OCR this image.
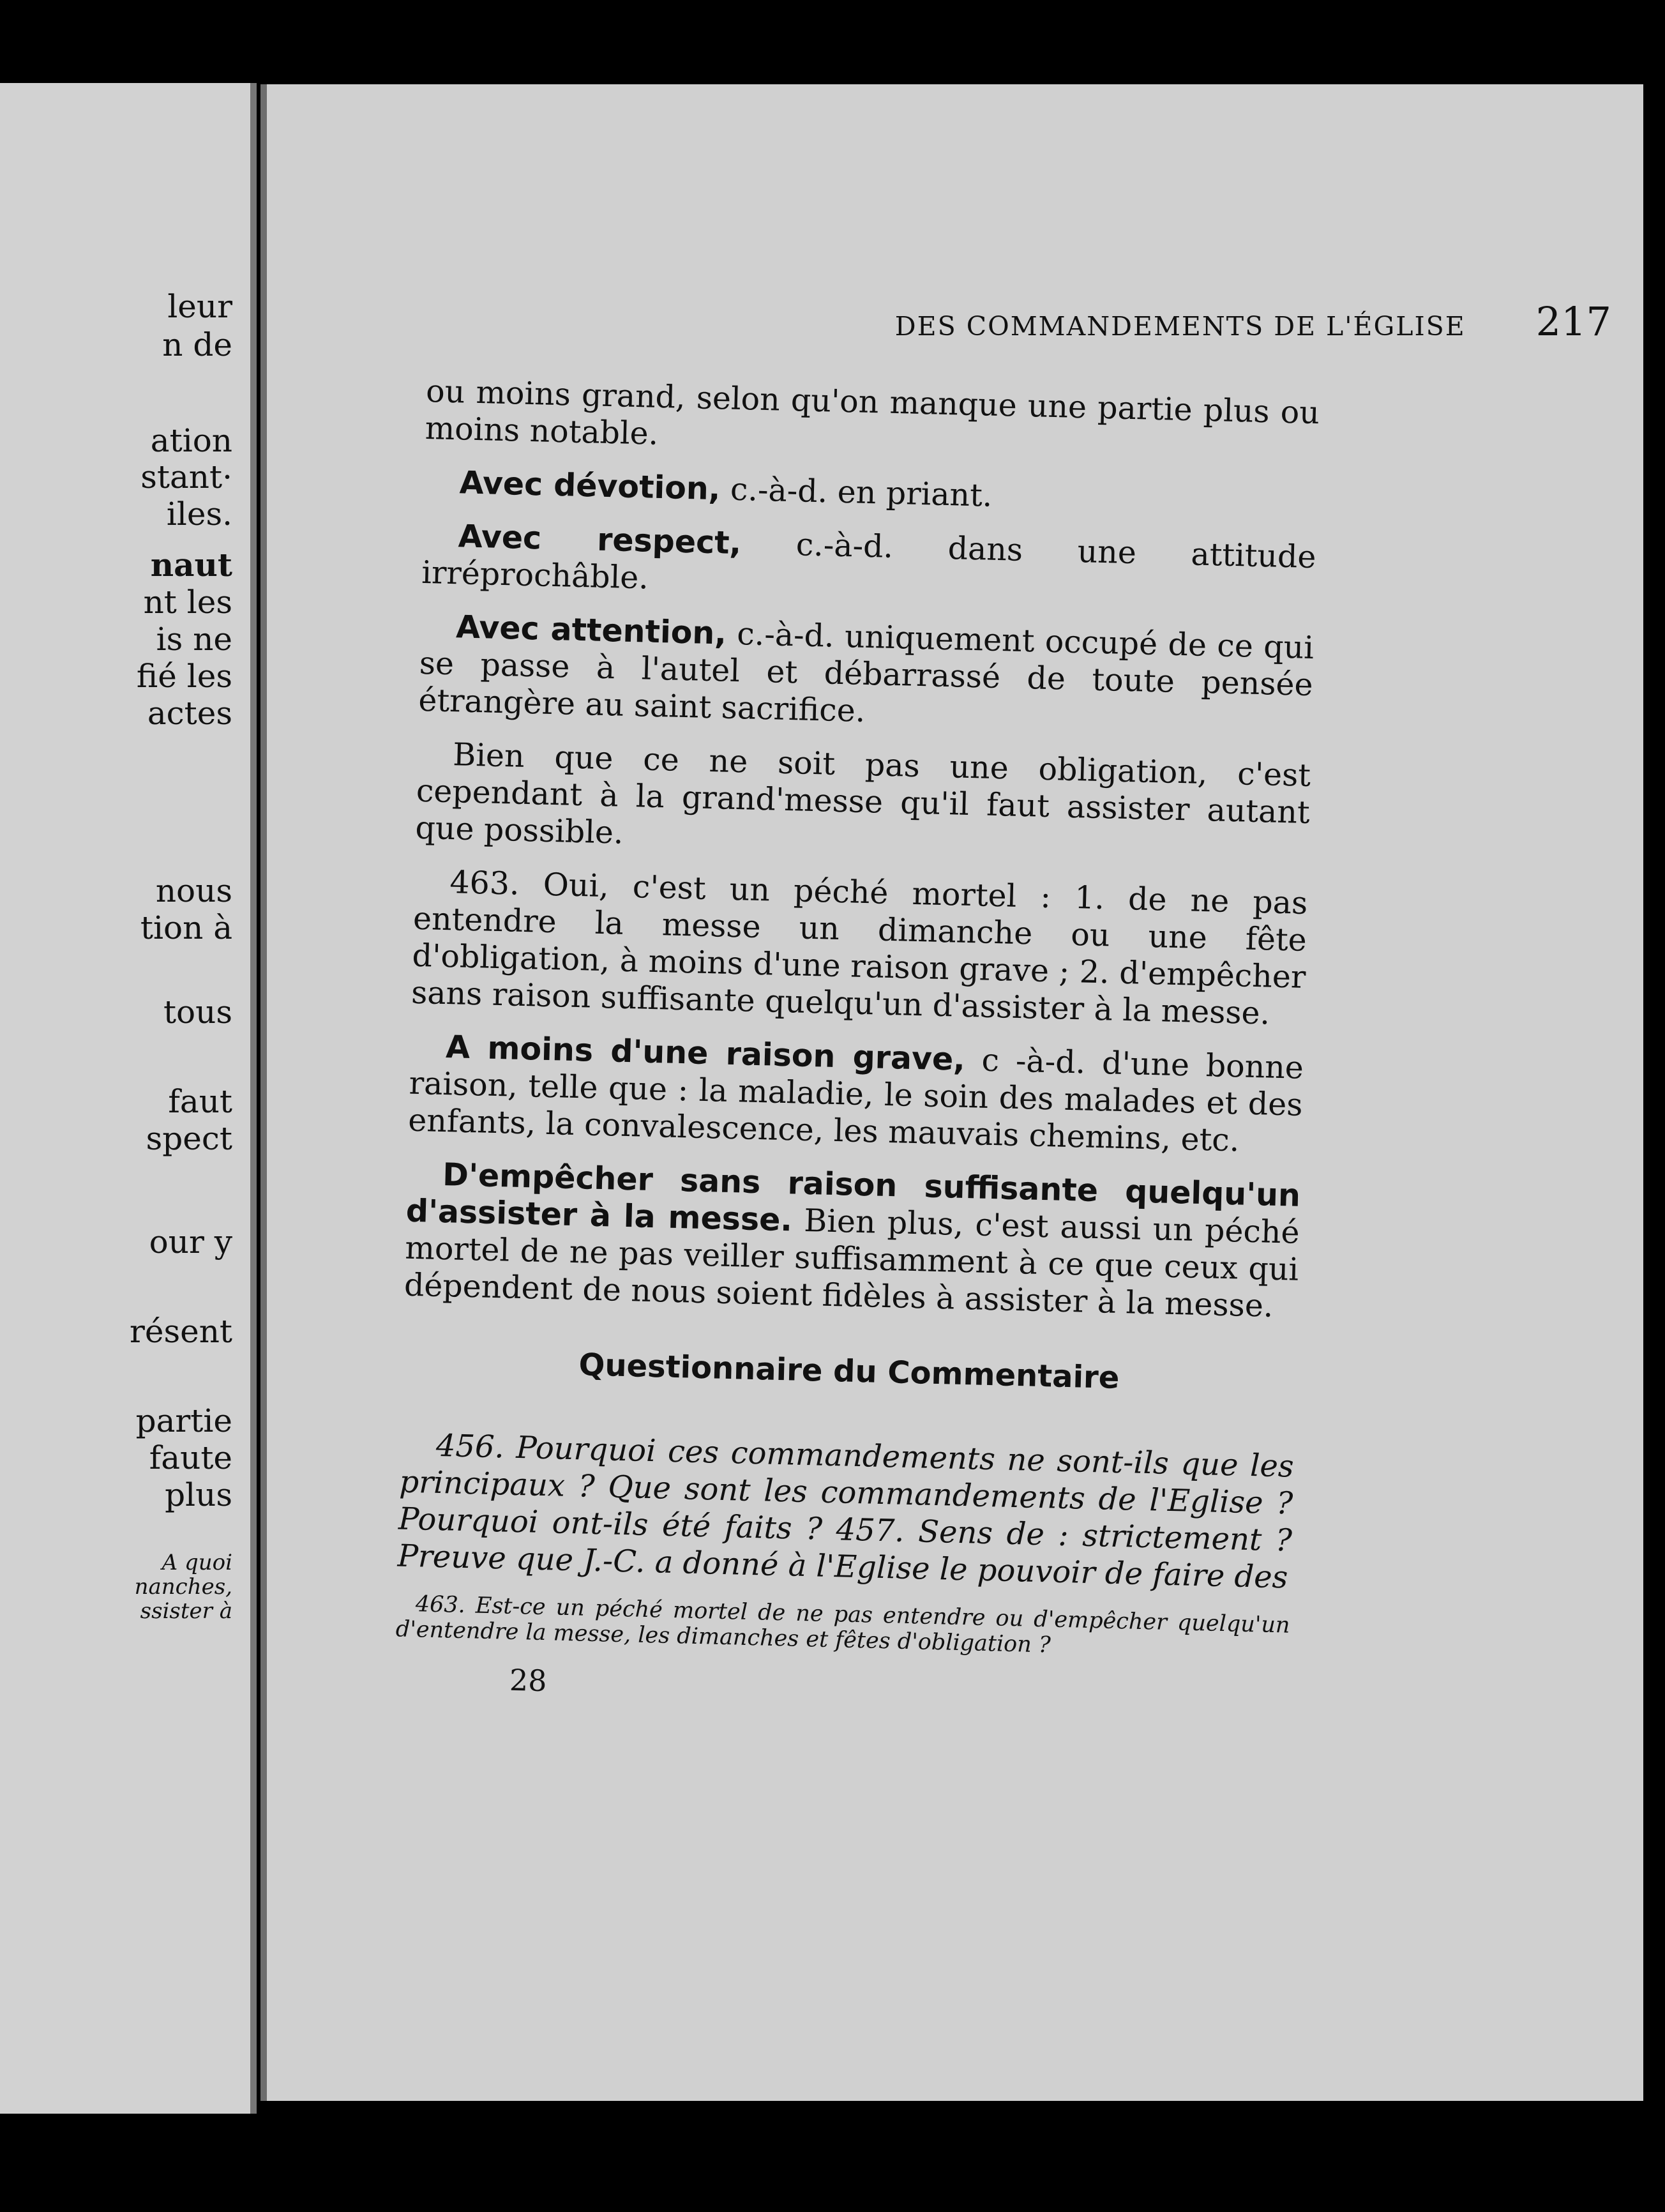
leur
n de
ation
stant·
iles.
naut
nt les
is ne
fié les
actes
nous
tion à
tous
faut
spect
our y
résent
partie
faute
plus
A quoi
nanches,
ssister à
DES COMMANDEMENTS DE L'ÉGLISE 217

ou moins grand, selon qu'on manque une partie plus ou moins notable.

Avec dévotion, c.-à-d. en priant.

Avec respect, c.-à-d. dans une attitude irréprochâble.

Avec attention, c.-à-d. uniquement occupé de ce qui se passe à l'autel et débarrassé de toute pensée étrangère au saint sacrifice.

Bien que ce ne soit pas une obligation, c'est cependant à la grand'messe qu'il faut assister autant que possible.

463. Oui, c'est un péché mortel : 1. de ne pas entendre la messe un dimanche ou une fête d'obligation, à moins d'une raison grave ; 2. d'empêcher sans raison suffisante quelqu'un d'assister à la messe.

A moins d'une raison grave, c -à-d. d'une bonne raison, telle que : la maladie, le soin des malades et des enfants, la convalescence, les mauvais chemins, etc.

D'empêcher sans raison suffisante quelqu'un d'assister à la messe. Bien plus, c'est aussi un péché mortel de ne pas veiller suffisamment à ce que ceux qui dépendent de nous soient fidèles à assister à la messe.

Questionnaire du Commentaire

456. Pourquoi ces commandements ne sont-ils que les principaux ? Que sont les commandements de l'Eglise ? Pourquoi ont-ils été faits ? 457. Sens de : strictement ? Preuve que J.-C. a donné à l'Eglise le pouvoir de faire des

463. Est-ce un péché mortel de ne pas entendre ou d'empêcher quelqu'un d'entendre la messe, les dimanches et fêtes d'obligation ?

28
